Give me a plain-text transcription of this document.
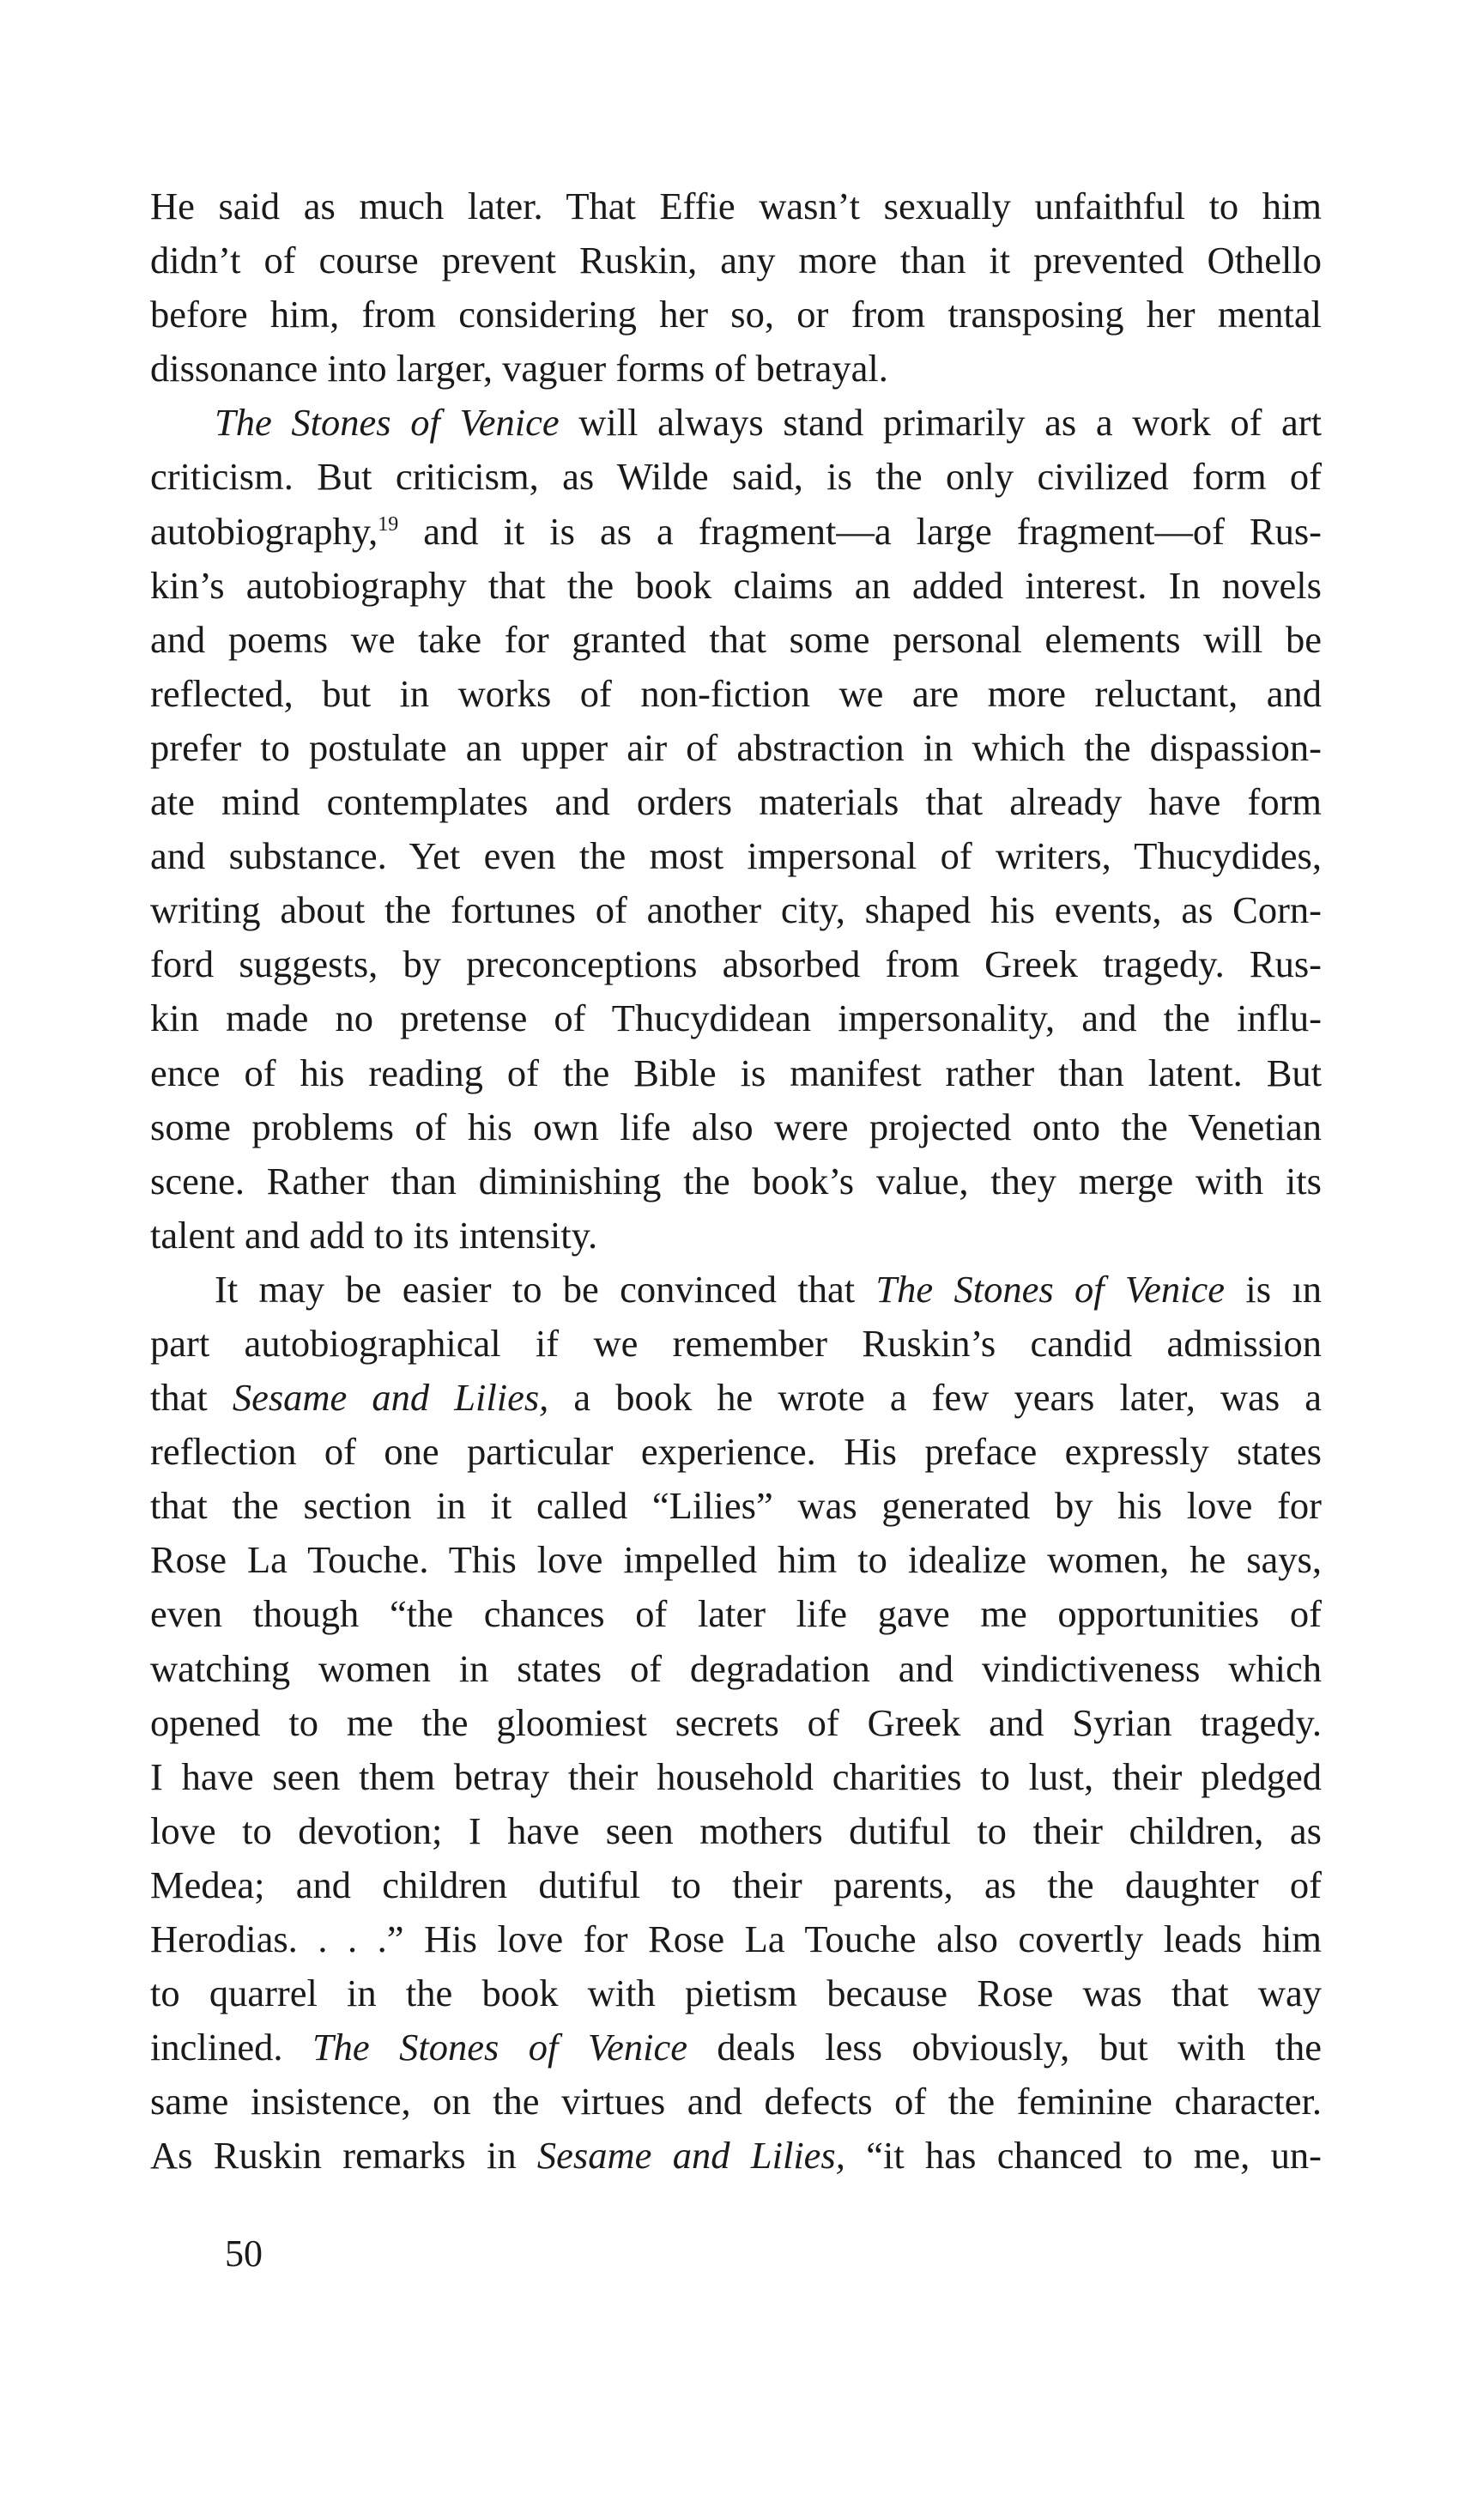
He said as much later. That Effie wasn’t sexually unfaithful to him
didn’t of course prevent Ruskin, any more than it prevented Othello
before him, from considering her so, or from transposing her mental
dissonance into larger, vaguer forms of betrayal.
The Stones of Venice will always stand primarily as a work of art
criticism. But criticism, as Wilde said, is the only civilized form of
autobiography,$^{19}$ and it is as a fragment—a large fragment—of Rus-
kin’s autobiography that the book claims an added interest. In novels
and poems we take for granted that some personal elements will be
reflected, but in works of non-fiction we are more reluctant, and
prefer to postulate an upper air of abstraction in which the dispassion-
ate mind contemplates and orders materials that already have form
and substance. Yet even the most impersonal of writers, Thucydides,
writing about the fortunes of another city, shaped his events, as Corn-
ford suggests, by preconceptions absorbed from Greek tragedy. Rus-
kin made no pretense of Thucydidean impersonality, and the influ-
ence of his reading of the Bible is manifest rather than latent. But
some problems of his own life also were projected onto the Venetian
scene. Rather than diminishing the book’s value, they merge with its
talent and add to its intensity.
It may be easier to be convinced that The Stones of Venice is ın
part autobiographical if we remember Ruskin’s candid admission
that Sesame and Lilies, a book he wrote a few years later, was a
reflection of one particular experience. His preface expressly states
that the section in it called “Lilies” was generated by his love for
Rose La Touche. This love impelled him to idealize women, he says,
even though “the chances of later life gave me opportunities of
watching women in states of degradation and vindictiveness which
opened to me the gloomiest secrets of Greek and Syrian tragedy.
I have seen them betray their household charities to lust, their pledged
love to devotion; I have seen mothers dutiful to their children, as
Medea; and children dutiful to their parents, as the daughter of
Herodias. . . .” His love for Rose La Touche also covertly leads him
to quarrel in the book with pietism because Rose was that way
inclined. The Stones of Venice deals less obviously, but with the
same insistence, on the virtues and defects of the feminine character.
As Ruskin remarks in Sesame and Lilies, “it has chanced to me, un-
50
